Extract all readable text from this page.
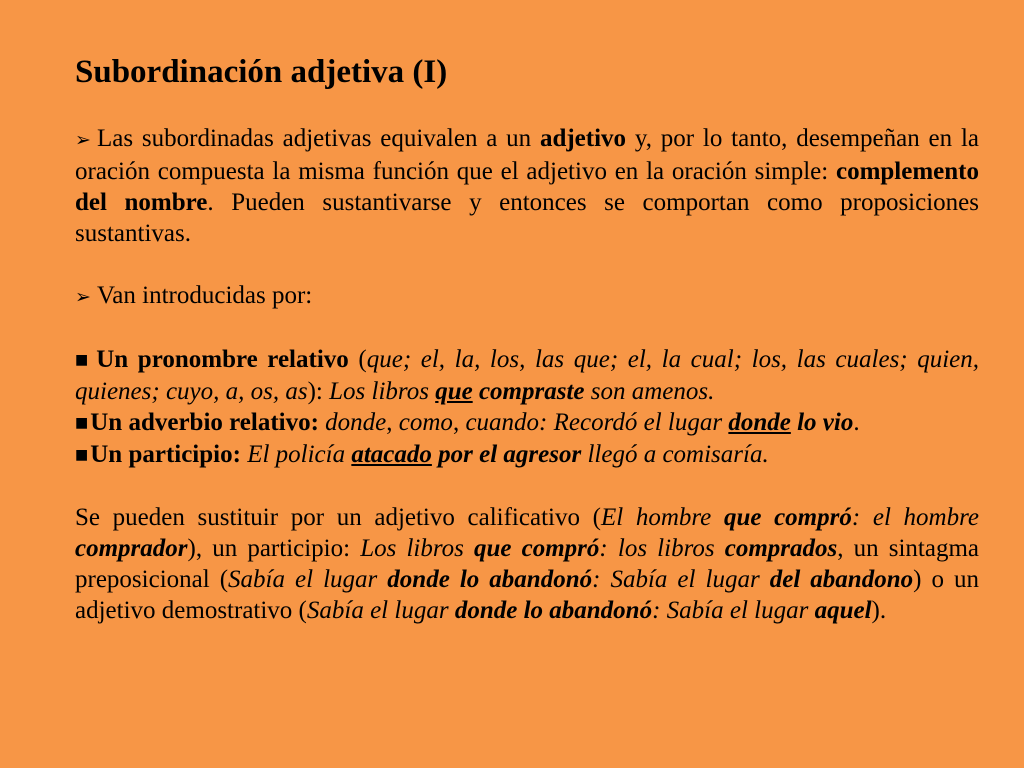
Subordinación adjetiva (I)

➢ Las subordinadas adjetivas equivalen a un adjetivo y, por lo tanto, desempeñan en la oración compuesta la misma función que el adjetivo en la oración simple: complemento del nombre. Pueden sustantivarse y entonces se comportan como proposiciones sustantivas.

➢ Van introducidas por:

■ Un pronombre relativo (que; el, la, los, las que; el, la cual; los, las cuales; quien, quienes; cuyo, a, os, as): Los libros que compraste son amenos.

■Un adverbio relativo: donde, como, cuando: Recordó el lugar donde lo vio.

■Un participio: El policía atacado por el agresor llegó a comisaría.

Se pueden sustituir por un adjetivo calificativo (El hombre que compró: el hombre comprador), un participio: Los libros que compró: los libros comprados, un sintagma preposicional (Sabía el lugar donde lo abandonó: Sabía el lugar del abandono) o un adjetivo demostrativo (Sabía el lugar donde lo abandonó: Sabía el lugar aquel).
